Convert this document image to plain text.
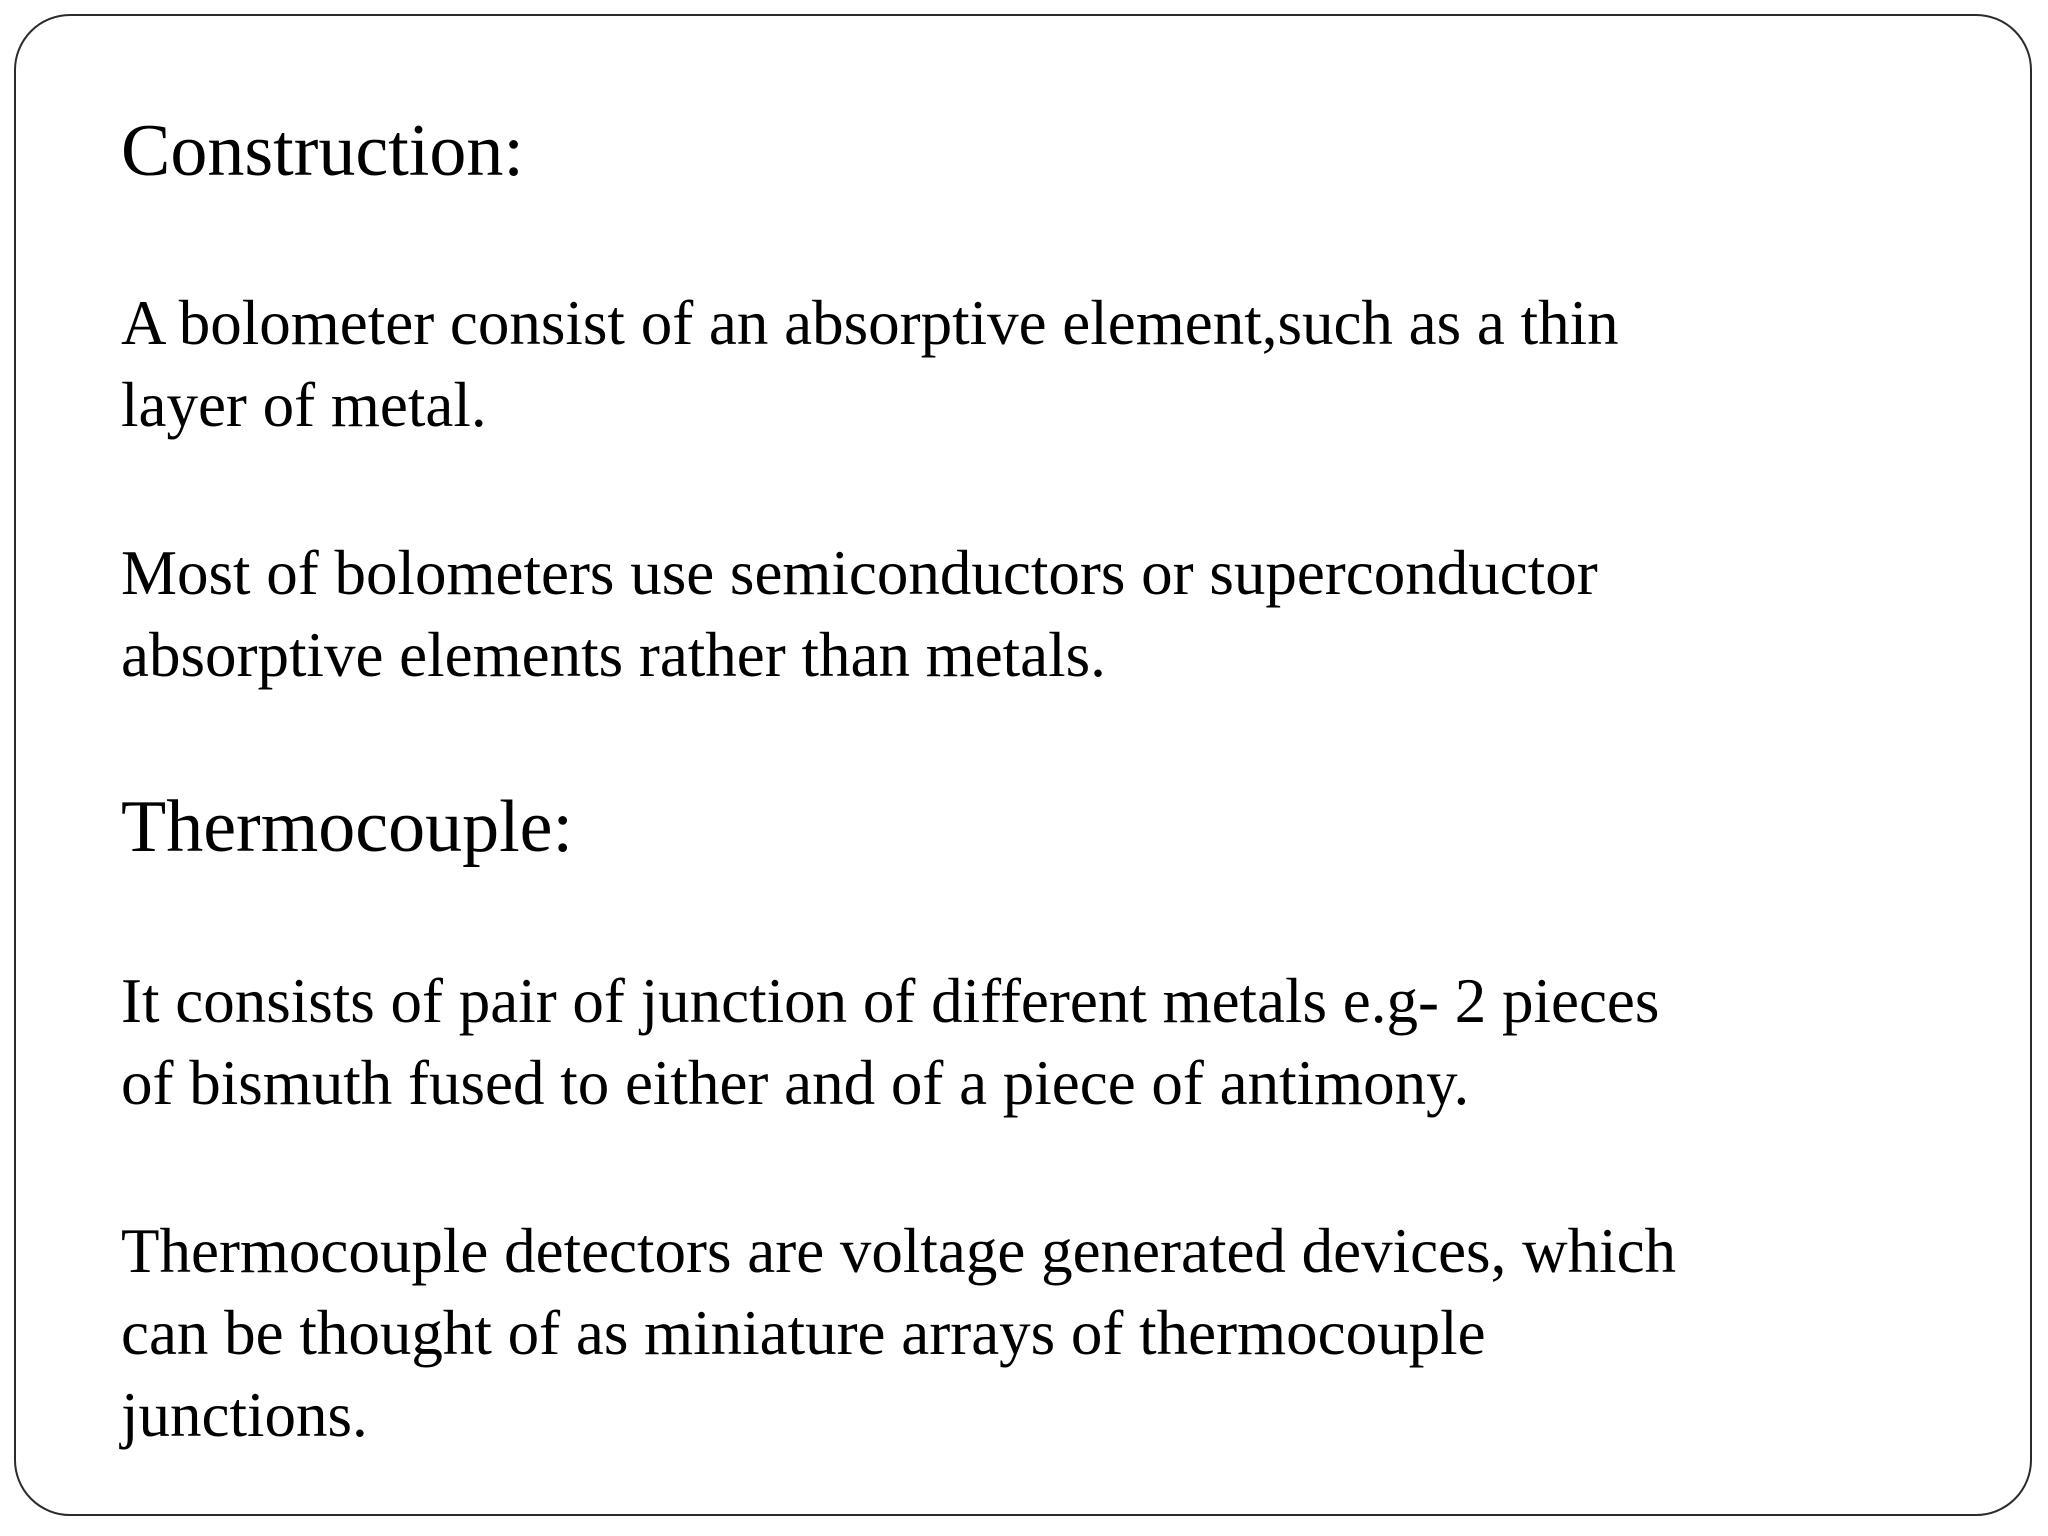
Construction:

A bolometer consist of an absorptive element,such as a thin
layer of metal.

Most of bolometers use semiconductors or superconductor
absorptive elements rather than metals.

Thermocouple:

It consists of pair of junction of different metals e.g- 2 pieces
of bismuth fused to either and of a piece of antimony.

Thermocouple detectors are voltage generated devices, which
can be thought of as miniature arrays of thermocouple
junctions.
